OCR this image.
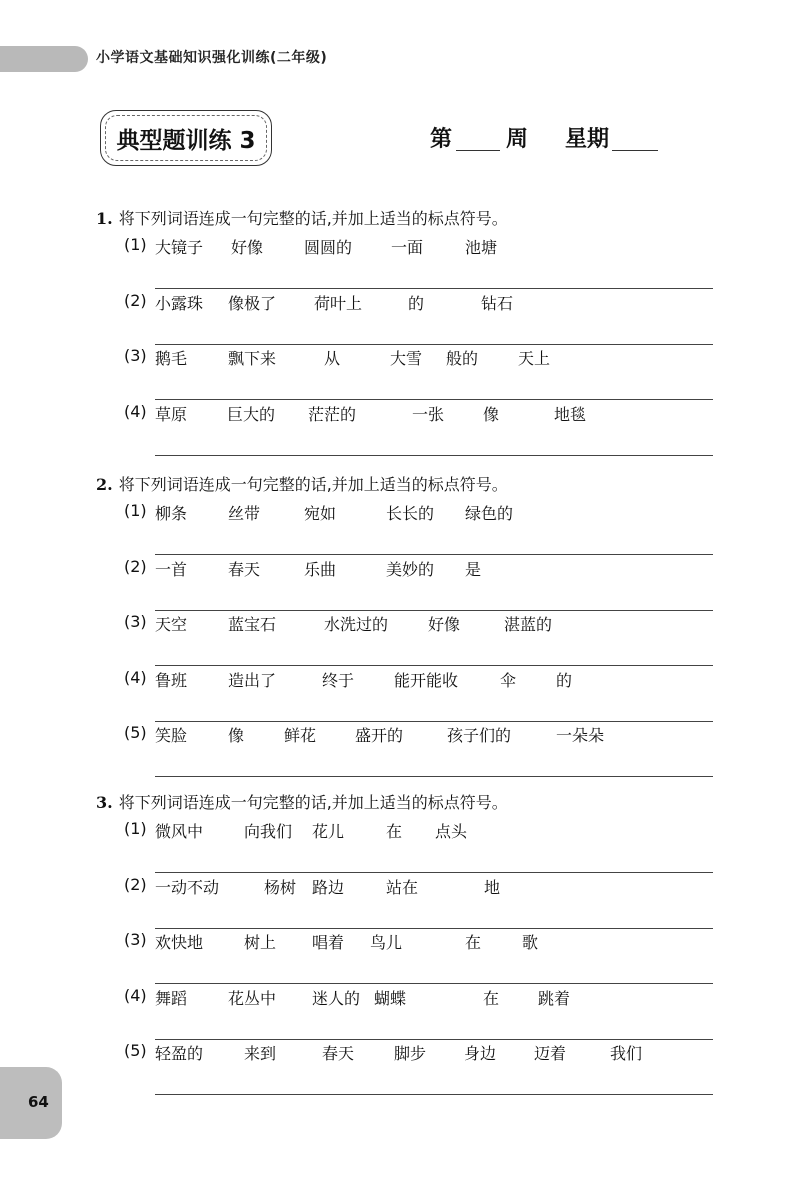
小学语文基础知识强化训练(二年级)
典型题训练 3	第 周 星期
1. 将下列词语连成一句完整的话,并加上适当的标点符号。
(1) 大镜子 好像	圆圆的 一面	池塘
(2) 小露珠 像极了 荷叶上	的	钻石
(3) 鹅毛	飘下来	从	大雪 般的 天上
(4) 草原 巨大的 茫茫的	一张 像	地毯
2. 将下列词语连成一句完整的话,并加上适当的标点符号。
(1) 柳条	丝带	宛如	长长的 绿色的
(2) 一首	春天	乐曲	美妙的 是
(3) 天空	蓝宝石	水洗过的 好像	湛蓝的
(4) 鲁班	造出了	终于 能开能收	伞 的
(5) 笑脸	像 鲜花 盛开的	孩子们的	一朵朵
3. 将下列词语连成一句完整的话,并加上适当的标点符号。
(1) 微风中	向我们 花儿	在 点头
(2) 一动不动	杨树 路边	站在	地
(3) 欢快地	树上 唱着 鸟儿	在	歌
(4) 舞蹈	花丛中 迷人的 蝴蝶	在 跳着
(5) 轻盈的	来到	春天 脚步 身边 迈着	我们
64
